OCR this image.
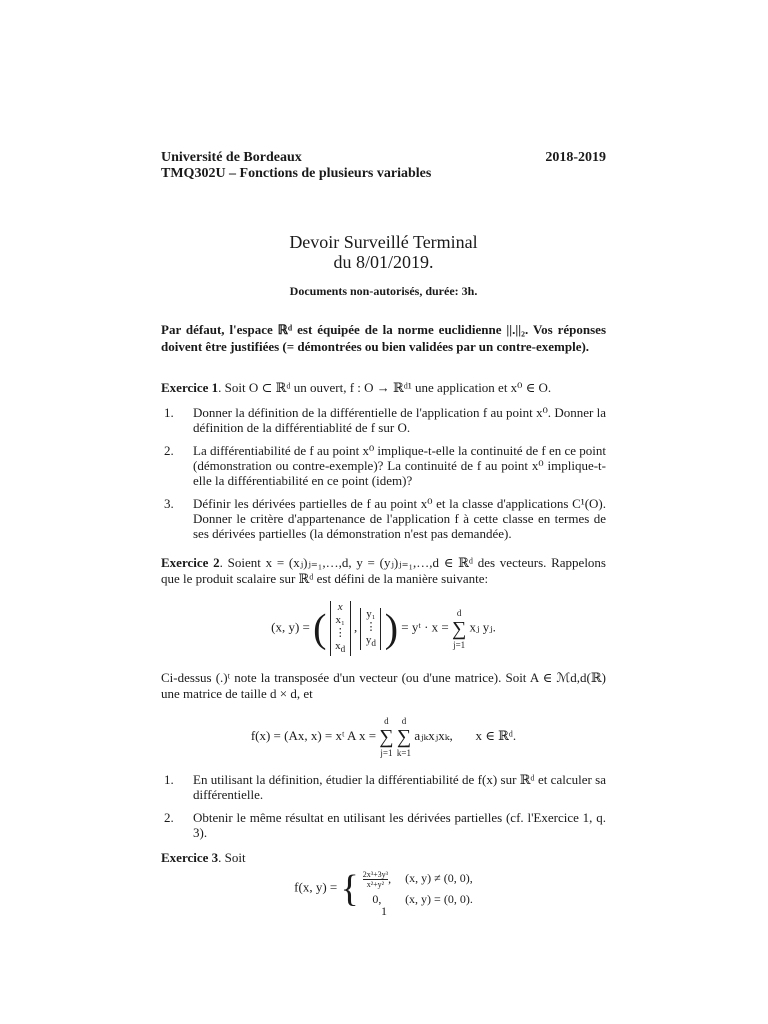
Université de Bordeaux	2018-2019
TMQ302U – Fonctions de plusieurs variables
Devoir Surveillé Terminal
du 8/01/2019.
Documents non-autorisés, durée: 3h.
Par défaut, l'espace ℝᵈ est équipée de la norme euclidienne ||.||₂. Vos réponses doivent être justifiées (= démontrées ou bien validées par un contre-exemple).
Exercice 1. Soit O ⊂ ℝᵈ un ouvert, f : O → ℝᵈ¹ une application et x⁰ ∈ O.
1. Donner la définition de la différentielle de l'application f au point x⁰. Donner la définition de la différentiablité de f sur O.
2. La différentiabilité de f au point x⁰ implique-t-elle la continuité de f en ce point (démonstration ou contre-exemple)? La continuité de f au point x⁰ implique-t-elle la différentiabilité en ce point (idem)?
3. Définir les dérivées partielles de f au point x⁰ et la classe d'applications C¹(O). Donner le critère d'appartenance de l'application f à cette classe en termes de ses dérivées partielles (la démonstration n'est pas demandée).
Exercice 2. Soient x = (xⱼ)ⱼ₌₁,…,d, y = (yⱼ)ⱼ₌₁,…,d ∈ ℝᵈ des vecteurs. Rappelons que le produit scalaire sur ℝᵈ est défini de la manière suivante:
(x, y) = ( x
x₁
⋮
$x_d$
,
y₁
⋮
$y_d$ ) = yᵗ · x =
d
∑
j=1
xⱼ yⱼ.
Ci-dessus (.)ᵗ note la transposée d'un vecteur (ou d'une matrice). Soit A ∈ ℳd,d(ℝ) une matrice de taille d × d, et
f(x) = (Ax, x) = xᵗ A x =
d
∑
j=1

d
∑
k=1
aⱼₖxⱼxₖ, x ∈ ℝᵈ.
1. En utilisant la définition, étudier la différentiabilité de f(x) sur ℝᵈ et calculer sa différentielle.
2. Obtenir le même résultat en utilisant les dérivées partielles (cf. l'Exercice 1, q. 3).
Exercice 3. Soit
f(x, y) = { $\frac{\text{2x³+3y³}}{\text{x²+y²}}$ , (x, y) ≠ (0, 0),
0,	(x, y) = (0, 0).
1
